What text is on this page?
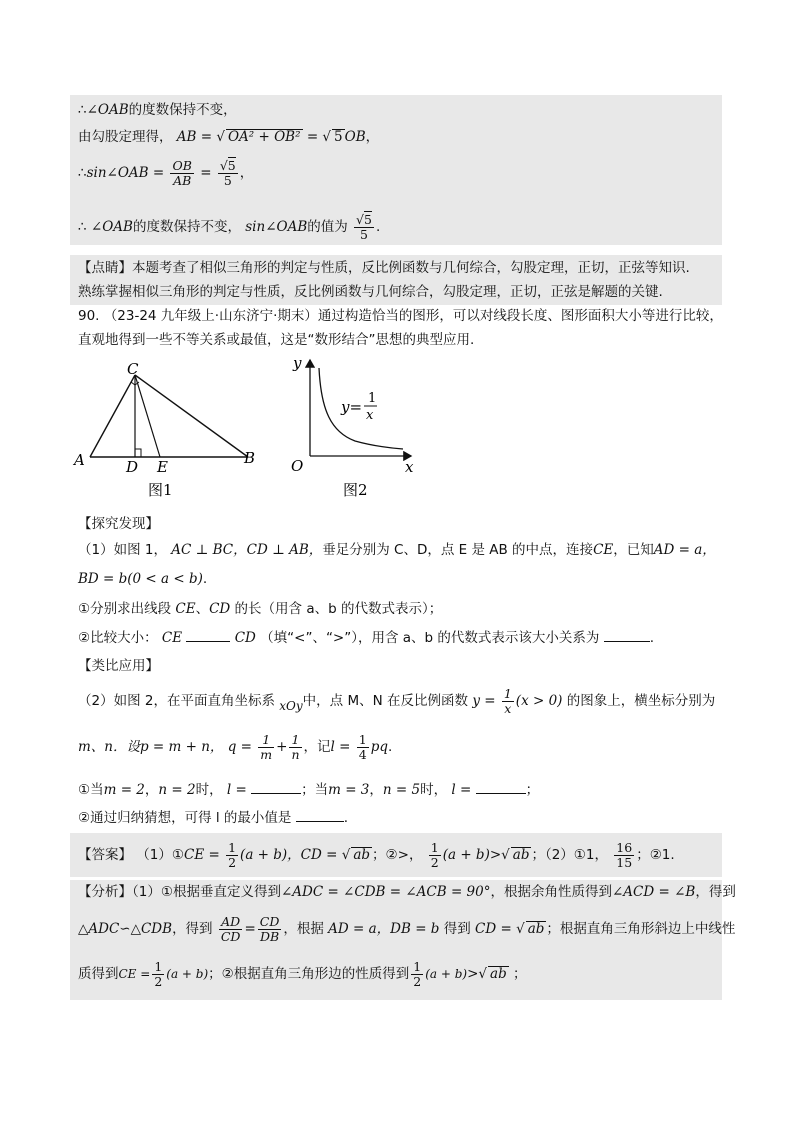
∴∠OAB的度数保持不变，
由勾股定理得， AB = √ OA² + OB² = √ 5 OB，
∴sin∠OAB = $\frac{OB}{AB} = \frac{√5}{5}$ ，
∴ ∠OAB的度数保持不变， sin∠OAB的值为 $\frac{√5}{5}$ .
【点睛】本题考查了相似三角形的判定与性质，反比例函数与几何综合，勾股定理，正切，正弦等知识.
熟练掌握相似三角形的判定与性质，反比例函数与几何综合，勾股定理，正切，正弦是解题的关键.
90. （23-24 九年级上·山东济宁·期末）通过构造恰当的图形，可以对线段长度、图形面积大小等进行比较，
直观地得到一些不等关系或最值，这是“数形结合”思想的典型应用.
C
A	B
D E
图1
y
x
O
y= 1
x
图2
【探究发现】
（1）如图 1， AC ⊥ BC，CD ⊥ AB，垂足分别为 C、D，点 E 是 AB 的中点，连接CE，已知AD = a，
BD = b(0 < a < b).
①分别求出线段 CE、CD 的长（用含 a、b 的代数式表示）；
②比较大小： CE	CD （填“<”、“>”），用含 a、b 的代数式表示该大小关系为	.
【类比应用】
（2）如图 2，在平面直角坐标系 xOy中，点 M、N 在反比例函数 $y = \frac{1}{x} (x > 0)$ 的图象上，横坐标分别为
m、n．设p = m + n， $q = \frac{1}{m} + \frac{1}{n}$ ，记$l = \frac{1}{4}$ pq.
①当m = 2，n = 2时， l =	；当m = 3，n = 5时， l =	；
②通过归纳猜想，可得 l 的最小值是	.
【答案】 （1）①CE = $\frac{1}{2} (a + b)$，CD = √ ab ；②>， $\frac{1}{2} (a + b)>√$ ab ；（2）①1， $\frac{16}{15}$ ；②1.
【分析】（1）①根据垂直定义得到∠ADC = ∠CDB = ∠ACB = 90°，根据余角性质得到∠ACD = ∠B，得到
△ADC∽△CDB，得到 $\frac{AD}{CD} = \frac{CD}{DB}$ ，根据 AD = a，DB = b 得到 CD = √ ab ；根据直角三角形斜边上中线性
质得到CE = $\frac{1}{2} (a + b)$；②根据直角三角形边的性质得到 $\frac{1}{2} (a + b)>√$ ab ；
